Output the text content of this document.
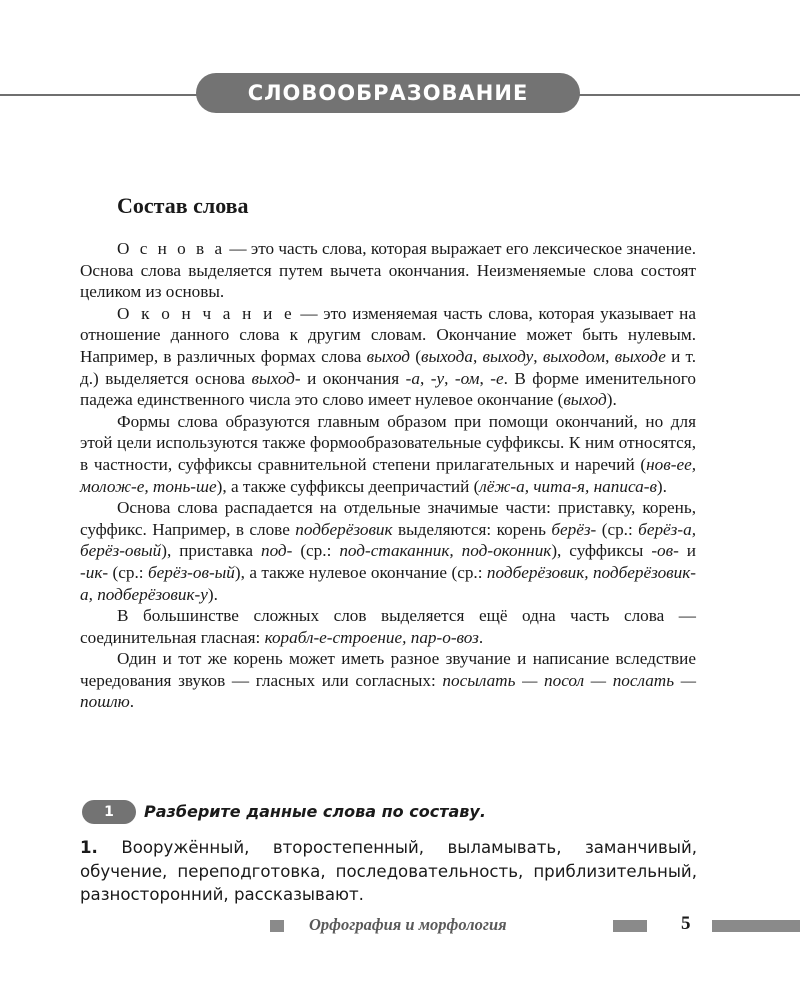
СЛОВООБРАЗОВАНИЕ
Состав слова

О с н о в а — это часть слова, которая выражает его лексическое значение. Основа слова выделяется путем вычета окончания. Неизменяемые слова состоят целиком из основы.

О к о н ч а н и е — это изменяемая часть слова, которая указывает на отношение данного слова к другим словам. Окончание может быть нулевым. Например, в различных формах слова выход (выхода, выходу, выходом, выходе и т. д.) выделяется основа выход- и окончания -а, -у, -ом, -е. В форме именительного падежа единственного числа это слово имеет нулевое окончание (выход).

Формы слова образуются главным образом при помощи окончаний, но для этой цели используются также формообразовательные суффиксы. К ним относятся, в частности, суффиксы сравнительной степени прилагательных и наречий (нов-ее, молож-е, тонь-ше), а также суффиксы деепричастий (лёж-а, чита-я, написа-в).

Основа слова распадается на отдельные значимые части: приставку, корень, суффикс. Например, в слове подберёзовик выделяются: корень берёз- (ср.: берёз-а, берёз-овый), приставка под- (ср.: под-стаканник, под-оконник), суффиксы -ов- и -ик- (ср.: берёз-ов-ый), а также нулевое окончание (ср.: подберёзовик, подберёзовик-а, подберёзовик-у).

В большинстве сложных слов выделяется ещё одна часть слова — соединительная гласная: корабл-е-строение, пар-о-воз.

Один и тот же корень может иметь разное звучание и написание вследствие чередования звуков — гласных или согласных: посылать — посол — послать — пошлю.

1	Разберите данные слова по составу.

1. Вооружённый, второстепенный, выламывать, заманчивый, обучение, переподготовка, последовательность, приблизительный, разносторонний, рассказывают.

Орфография и морфология	5
